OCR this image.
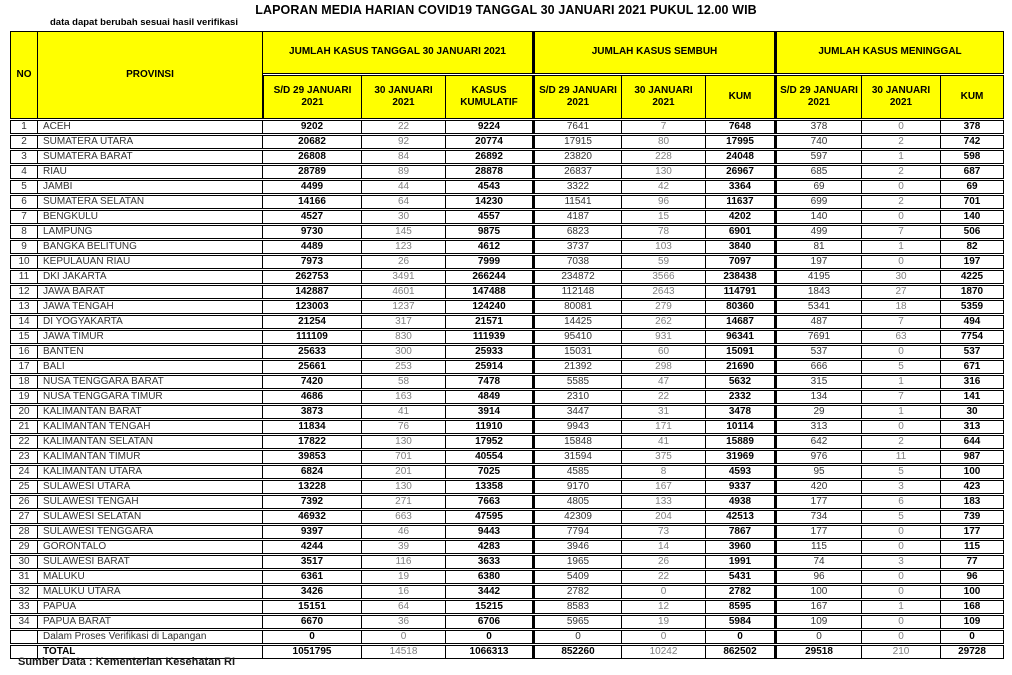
LAPORAN MEDIA HARIAN COVID19 TANGGAL 30 JANUARI 2021 PUKUL 12.00 WIB
data dapat berubah sesuai hasil verifikasi
NO	PROVINSI	JUMLAH KASUS TANGGAL 30 JANUARI 2021			JUMLAH KASUS SEMBUH			JUMLAH KASUS MENINGGAL		
		S/D 29 JANUARI 2021	30 JANUARI 2021	KASUS KUMULATIF	S/D 29 JANUARI 2021	30 JANUARI 2021	KUM	S/D 29 JANUARI 2021	30 JANUARI 2021	KUM
1	ACEH	9202	22	9224	7641	7	7648	378	0	378
2	SUMATERA UTARA	20682	92	20774	17915	80	17995	740	2	742
3	SUMATERA BARAT	26808	84	26892	23820	228	24048	597	1	598
4	RIAU	28789	89	28878	26837	130	26967	685	2	687
5	JAMBI	4499	44	4543	3322	42	3364	69	0	69
6	SUMATERA SELATAN	14166	64	14230	11541	96	11637	699	2	701
7	BENGKULU	4527	30	4557	4187	15	4202	140	0	140
8	LAMPUNG	9730	145	9875	6823	78	6901	499	7	506
9	BANGKA BELITUNG	4489	123	4612	3737	103	3840	81	1	82
10	KEPULAUAN RIAU	7973	26	7999	7038	59	7097	197	0	197
11	DKI JAKARTA	262753	3491	266244	234872	3566	238438	4195	30	4225
12	JAWA BARAT	142887	4601	147488	112148	2643	114791	1843	27	1870
13	JAWA TENGAH	123003	1237	124240	80081	279	80360	5341	18	5359
14	DI YOGYAKARTA	21254	317	21571	14425	262	14687	487	7	494
15	JAWA TIMUR	111109	830	111939	95410	931	96341	7691	63	7754
16	BANTEN	25633	300	25933	15031	60	15091	537	0	537
17	BALI	25661	253	25914	21392	298	21690	666	5	671
18	NUSA TENGGARA BARAT	7420	58	7478	5585	47	5632	315	1	316
19	NUSA TENGGARA TIMUR	4686	163	4849	2310	22	2332	134	7	141
20	KALIMANTAN BARAT	3873	41	3914	3447	31	3478	29	1	30
21	KALIMANTAN TENGAH	11834	76	11910	9943	171	10114	313	0	313
22	KALIMANTAN SELATAN	17822	130	17952	15848	41	15889	642	2	644
23	KALIMANTAN TIMUR	39853	701	40554	31594	375	31969	976	11	987
24	KALIMANTAN UTARA	6824	201	7025	4585	8	4593	95	5	100
25	SULAWESI UTARA	13228	130	13358	9170	167	9337	420	3	423
26	SULAWESI TENGAH	7392	271	7663	4805	133	4938	177	6	183
27	SULAWESI SELATAN	46932	663	47595	42309	204	42513	734	5	739
28	SULAWESI TENGGARA	9397	46	9443	7794	73	7867	177	0	177
29	GORONTALO	4244	39	4283	3946	14	3960	115	0	115
30	SULAWESI BARAT	3517	116	3633	1965	26	1991	74	3	77
31	MALUKU	6361	19	6380	5409	22	5431	96	0	96
32	MALUKU UTARA	3426	16	3442	2782	0	2782	100	0	100
33	PAPUA	15151	64	15215	8583	12	8595	167	1	168
34	PAPUA BARAT	6670	36	6706	5965	19	5984	109	0	109
	Dalam Proses Verifikasi di Lapangan	0	0	0	0	0	0	0	0	0
	TOTAL	1051795	14518	1066313	852260	10242	862502	29518	210	29728
Sumber Data : Kementerian Kesehatan RI
